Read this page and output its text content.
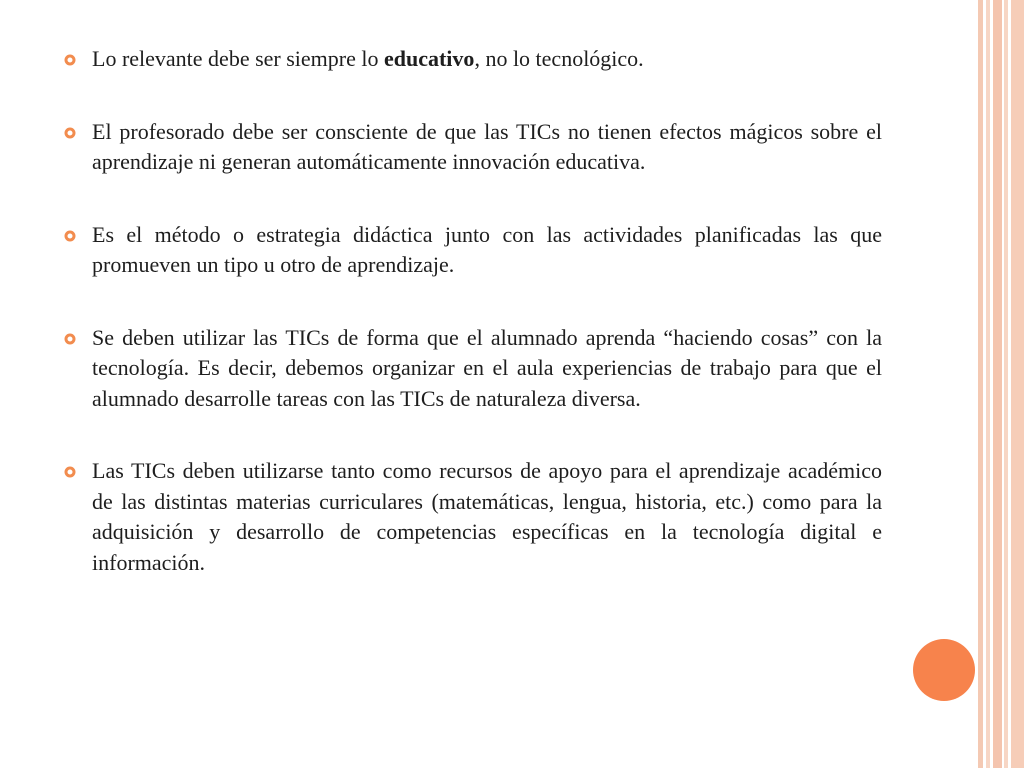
Lo relevante debe ser siempre lo educativo, no lo tecnológico.
El profesorado debe ser consciente de que las TICs no tienen efectos mágicos sobre el aprendizaje ni generan automáticamente innovación educativa.
Es el método o estrategia didáctica junto con las actividades planificadas las que promueven un tipo u otro de aprendizaje.
Se deben utilizar las TICs de forma que el alumnado aprenda “haciendo cosas” con la tecnología. Es decir, debemos organizar en el aula experiencias de trabajo para que el alumnado desarrolle tareas con las TICs de naturaleza diversa.
Las TICs deben utilizarse tanto como recursos de apoyo para el aprendizaje académico de las distintas materias curriculares (matemáticas, lengua, historia, etc.) como para la adquisición y desarrollo de competencias específicas en la tecnología digital e información.
